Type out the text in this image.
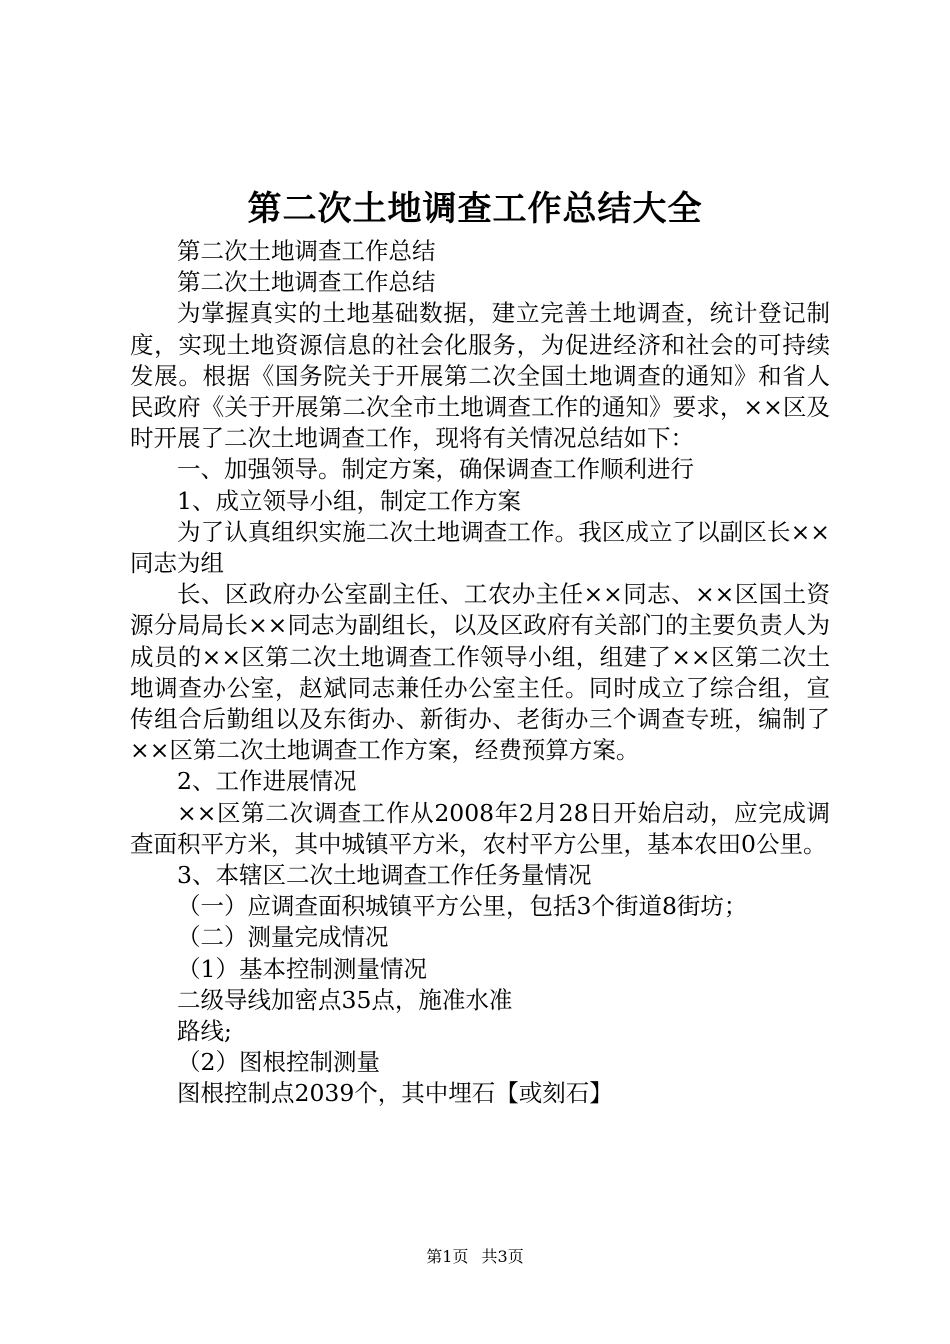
第二次土地调查工作总结大全

第二次土地调查工作总结

第二次土地调查工作总结

为掌握真实的土地基础数据，建立完善土地调查，统计登记制度，实现土地资源信息的社会化服务，为促进经济和社会的可持续发展。根据《国务院关于开展第二次全国土地调查的通知》和省人民政府《关于开展第二次全市土地调查工作的通知》要求，××区及时开展了二次土地调查工作，现将有关情况总结如下：

一、加强领导。制定方案，确保调查工作顺利进行

1、成立领导小组，制定工作方案

为了认真组织实施二次土地调查工作。我区成立了以副区长××同志为组

长、区政府办公室副主任、工农办主任××同志、××区国土资源分局局长××同志为副组长，以及区政府有关部门的主要负责人为成员的××区第二次土地调查工作领导小组，组建了××区第二次土地调查办公室，赵斌同志兼任办公室主任。同时成立了综合组，宣传组合后勤组以及东街办、新街办、老街办三个调查专班，编制了××区第二次土地调查工作方案，经费预算方案。

2、工作进展情况

××区第二次调查工作从2008年2月28日开始启动，应完成调查面积平方米，其中城镇平方米，农村平方公里，基本农田0公里。

3、本辖区二次土地调查工作任务量情况

（一）应调查面积城镇平方公里，包括3个街道8街坊；

（二）测量完成情况

（1）基本控制测量情况

二级导线加密点35点，施准水准

路线;

（2）图根控制测量

图根控制点2039个，其中埋石【或刻石】

第1页 共3页
